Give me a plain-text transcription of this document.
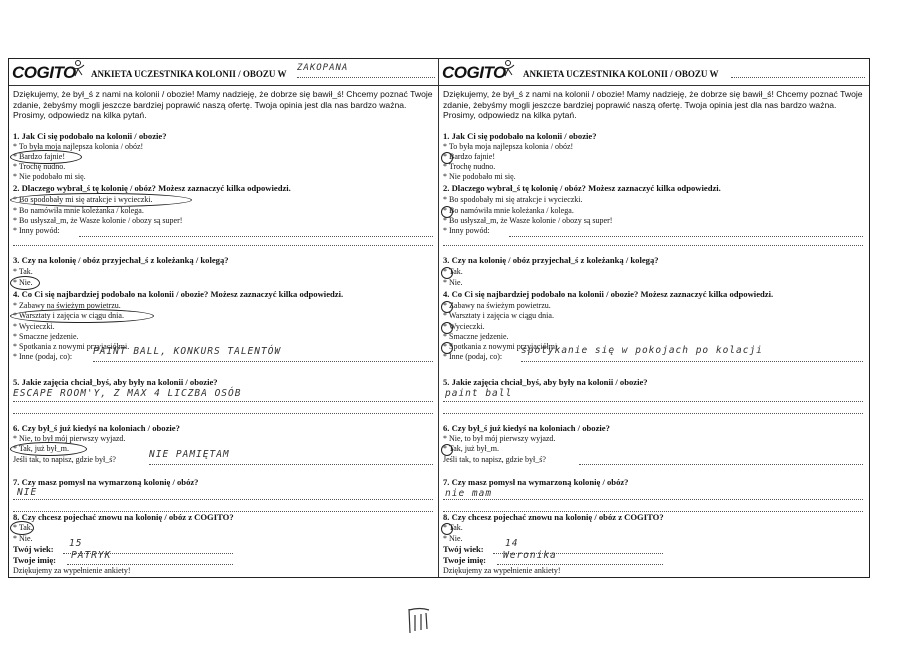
COGITO ANKIETA UCZESTNIKA KOLONII / OBOZU W
ZAKOPANA
Dziękujemy, że był_ś z nami na kolonii / obozie! Mamy nadzieję, że dobrze się bawił_ś! Chcemy poznać Twoje zdanie, żebyśmy mogli jeszcze bardziej poprawić naszą ofertę. Twoja opinia jest dla nas bardzo ważna. Prosimy, odpowiedz na kilka pytań.
1. Jak Ci się podobało na kolonii / obozie?
* To była moja najlepsza kolonia / obóz!
* Bardzo fajnie!
* Trochę nudno.
* Nie podobało mi się.
2. Dlaczego wybrał_ś tę kolonię / obóz? Możesz zaznaczyć kilka odpowiedzi.
* Bo spodobały mi się atrakcje i wycieczki.
* Bo namówiła mnie koleżanka / kolega.
* Bo usłyszał_m, że Wasze kolonie / obozy są super!
* Inny powód:
3. Czy na kolonię / obóz przyjechał_ś z koleżanką / kolegą?
* Tak.
* Nie.
4. Co Ci się najbardziej podobało na kolonii / obozie? Możesz zaznaczyć kilka odpowiedzi.
* Zabawy na świeżym powietrzu.
* Warsztaty i zajęcia w ciągu dnia.
* Wycieczki.
* Smaczne jedzenie.
* Spotkania z nowymi przyjaciółmi.
* Inne (podaj, co): PAINT BALL, KONKURS TALENTÓW
5. Jakie zajęcia chciał_byś, aby były na kolonii / obozie?
ESCAPE ROOM'Y, Z MAX 4 LICZBA OSÓB
6. Czy był_ś już kiedyś na koloniach / obozie?
* Nie, to był mój pierwszy wyjazd.
* Tak, już był_m.
Jeśli tak, to napisz, gdzie był_ś?	NIE PAMIĘTAM
7. Czy masz pomysł na wymarzoną kolonię / obóz?
NIE
8. Czy chcesz pojechać znowu na kolonię / obóz z COGITO?
* Tak.
* Nie.
Twój wiek: 15
Twoje imię: PATRYK
Dziękujemy za wypełnienie ankiety!
COGITO ANKIETA UCZESTNIKA KOLONII / OBOZU W
Dziękujemy, że był_ś z nami na kolonii / obozie! Mamy nadzieję, że dobrze się bawił_ś! Chcemy poznać Twoje zdanie, żebyśmy mogli jeszcze bardziej poprawić naszą ofertę. Twoja opinia jest dla nas bardzo ważna. Prosimy, odpowiedz na kilka pytań.
1. Jak Ci się podobało na kolonii / obozie?
* To była moja najlepsza kolonia / obóz!
* Bardzo fajnie!
* Trochę nudno.
* Nie podobało mi się.
2. Dlaczego wybrał_ś tę kolonię / obóz? Możesz zaznaczyć kilka odpowiedzi.
* Bo spodobały mi się atrakcje i wycieczki.
* Bo namówiła mnie koleżanka / kolega.
* Bo usłyszał_m, że Wasze kolonie / obozy są super!
* Inny powód:
3. Czy na kolonię / obóz przyjechał_ś z koleżanką / kolegą?
* Tak.
* Nie.
4. Co Ci się najbardziej podobało na kolonii / obozie? Możesz zaznaczyć kilka odpowiedzi.
* Zabawy na świeżym powietrzu.
* Warsztaty i zajęcia w ciągu dnia.
* Wycieczki.
* Smaczne jedzenie.
* Spotkania z nowymi przyjaciółmi.
* Inne (podaj, co):
spotykanie się w pokojach po kolacji
5. Jakie zajęcia chciał_byś, aby były na kolonii / obozie?
paint ball
6. Czy był_ś już kiedyś na koloniach / obozie?
* Nie, to był mój pierwszy wyjazd.
* Tak, już był_m.
Jeśli tak, to napisz, gdzie był_ś?
7. Czy masz pomysł na wymarzoną kolonię / obóz?
nie mam
8. Czy chcesz pojechać znowu na kolonię / obóz z COGITO?
* Tak.
* Nie.
Twój wiek: 14
Twoje imię: Weronika
Dziękujemy za wypełnienie ankiety!
